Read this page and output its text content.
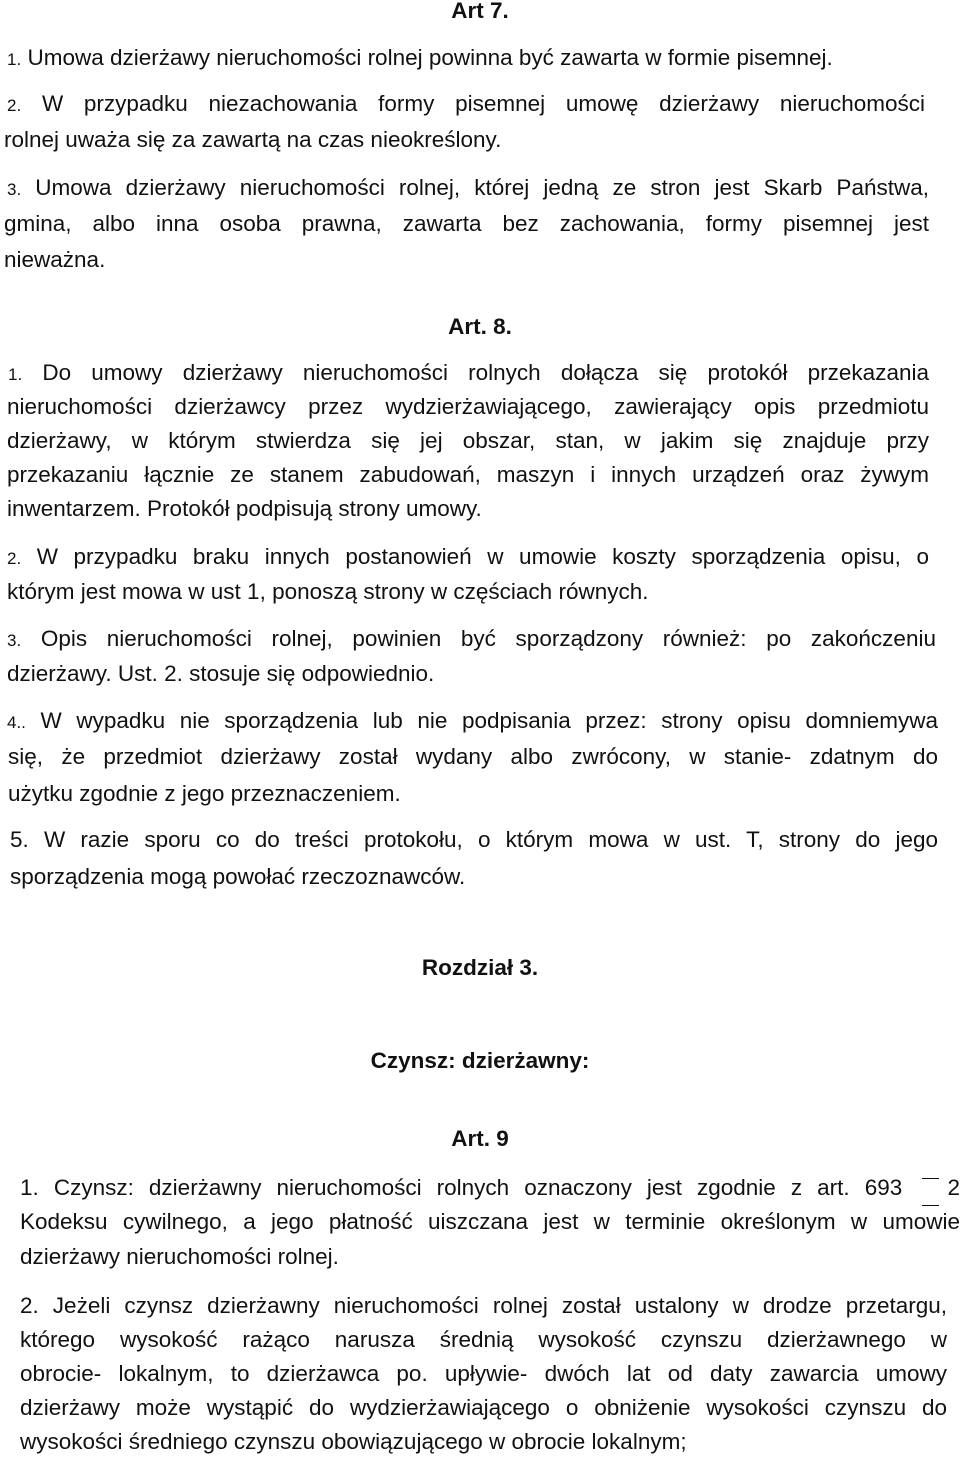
Art 7.
1. Umowa dzierżawy nieruchomości rolnej powinna być zawarta w formie pisemnej.
2. W przypadku niezachowania formy pisemnej umowę dzierżawy nieruchomości
rolnej uważa się za zawartą na czas nieokreślony.
3. Umowa dzierżawy nieruchomości rolnej, której jedną ze stron jest Skarb Państwa,
gmina, albo inna osoba prawna, zawarta bez zachowania, formy pisemnej jest
nieważna.
Art. 8.
1. Do umowy dzierżawy nieruchomości rolnych dołącza się protokół przekazania
nieruchomości dzierżawcy przez wydzierżawiającego, zawierający opis przedmiotu
dzierżawy, w którym stwierdza się jej obszar, stan, w jakim się znajduje przy
przekazaniu łącznie ze stanem zabudowań, maszyn i innych urządzeń oraz żywym
inwentarzem. Protokół podpisują strony umowy.
2. W przypadku braku innych postanowień w umowie koszty sporządzenia opisu, o
którym jest mowa w ust 1, ponoszą strony w częściach równych.
3. Opis nieruchomości rolnej, powinien być sporządzony również: po zakończeniu
dzierżawy. Ust. 2. stosuje się odpowiednio.
4.. W wypadku nie sporządzenia lub nie podpisania przez: strony opisu domniemywa
się, że przedmiot dzierżawy został wydany albo zwrócony, w stanie- zdatnym do
użytku zgodnie z jego przeznaczeniem.
5. W razie sporu co do treści protokołu, o którym mowa w ust. T, strony do jego
sporządzenia mogą powołać rzeczoznawców.
Rozdział 3.
Czynsz: dzierżawny:
Art. 9
1. Czynsz: dzierżawny nieruchomości rolnych oznaczony jest zgodnie z art. 693
         2
Kodeksu cywilnego, a jego płatność uiszczana jest w terminie określonym w umowie
dzierżawy nieruchomości rolnej.
2. Jeżeli czynsz dzierżawny nieruchomości rolnej został ustalony w drodze przetargu,
którego wysokość rażąco narusza średnią wysokość czynszu dzierżawnego w
obrocie- lokalnym, to dzierżawca po. upływie- dwóch lat od daty zawarcia umowy
dzierżawy może wystąpić do wydzierżawiającego o obniżenie wysokości czynszu do
wysokości średniego czynszu obowiązującego w obrocie lokalnym;
